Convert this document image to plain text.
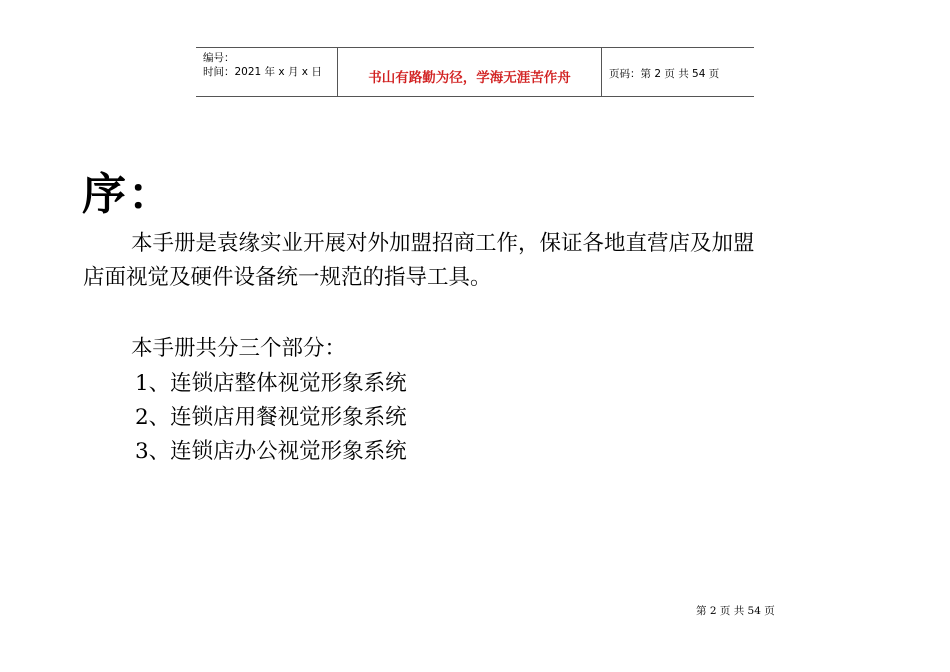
编号：
时间：2021 年 x 月 x 日	书山有路勤为径，学海无涯苦作舟	页码：第 2 页 共 54 页
序：
本手册是袁缘实业开展对外加盟招商工作，保证各地直营店及加盟
店面视觉及硬件设备统一规范的指导工具。
本手册共分三个部分：
1、连锁店整体视觉形象系统
2、连锁店用餐视觉形象系统
3、连锁店办公视觉形象系统
第 2 页 共 54 页
